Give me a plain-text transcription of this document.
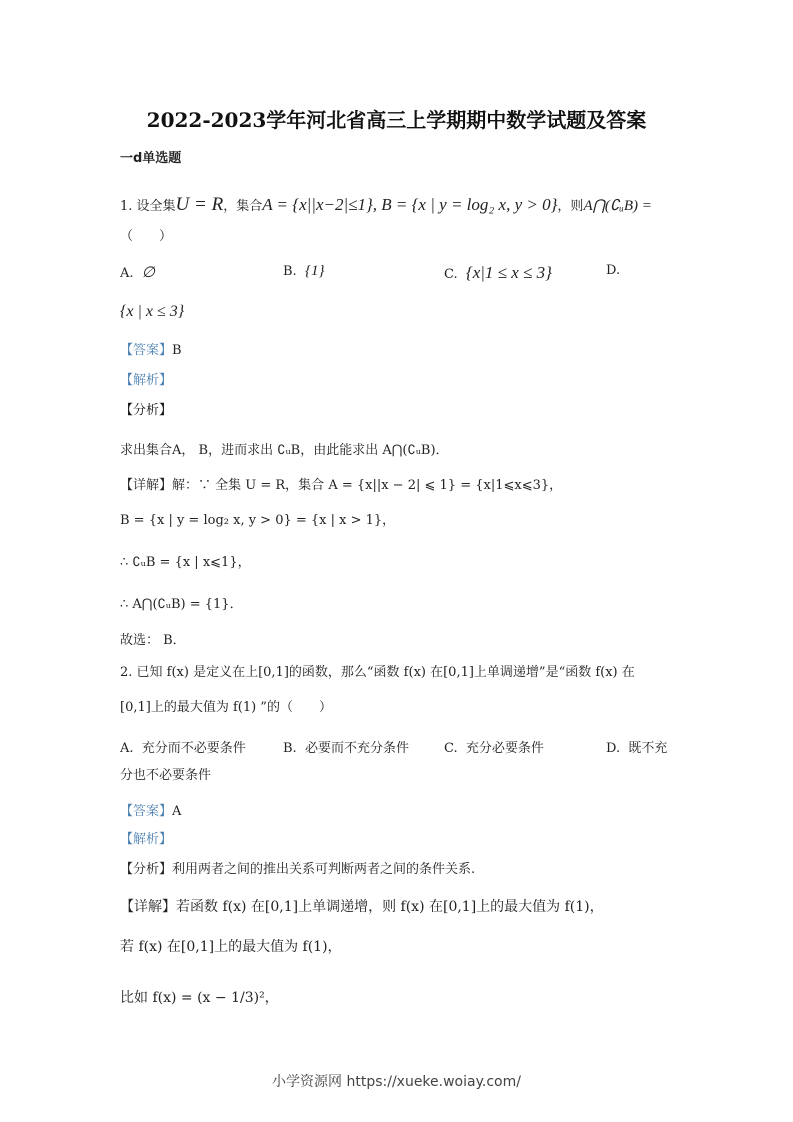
2022-2023学年河北省高三上学期期中数学试题及答案
一d单选题
1. 设全集U = R，集合A = {x||x−2|≤1}, B = {x | y = log₂ x, y > 0}，则A⋂(∁ᵤB) =
（　　）
A. ∅	B. {1}	C. {x|1 ≤ x ≤ 3}	D.
{x | x ≤ 3}
【答案】B
【解析】
【分析】
求出集合A， B，进而求出 ∁ᵤB，由此能求出 A⋂(∁ᵤB)．
【详解】解：∵ 全集 U = R，集合 A = {x||x − 2| ⩽ 1} = {x|1⩽x⩽3}，
B = {x | y = log₂ x, y > 0} = {x | x > 1}，
∴ ∁ᵤB = {x | x⩽1}，
∴ A⋂(∁ᵤB) = {1}．
故选： B．
2. 已知 f(x) 是定义在上[0,1]的函数，那么“函数 f(x) 在[0,1]上单调递增”是“函数 f(x) 在
[0,1]上的最大值为 f(1) ”的（　　）
A. 充分而不必要条件	B. 必要而不充分条件	C. 充分必要条件	D. 既不充
分也不必要条件
【答案】A
【解析】
【分析】利用两者之间的推出关系可判断两者之间的条件关系.
【详解】若函数 f(x) 在[0,1]上单调递增，则 f(x) 在[0,1]上的最大值为 f(1)，
若 f(x) 在[0,1]上的最大值为 f(1)，
比如 f(x) = (x − 1/3)²，
小学资源网 https://xueke.woiay.com/
